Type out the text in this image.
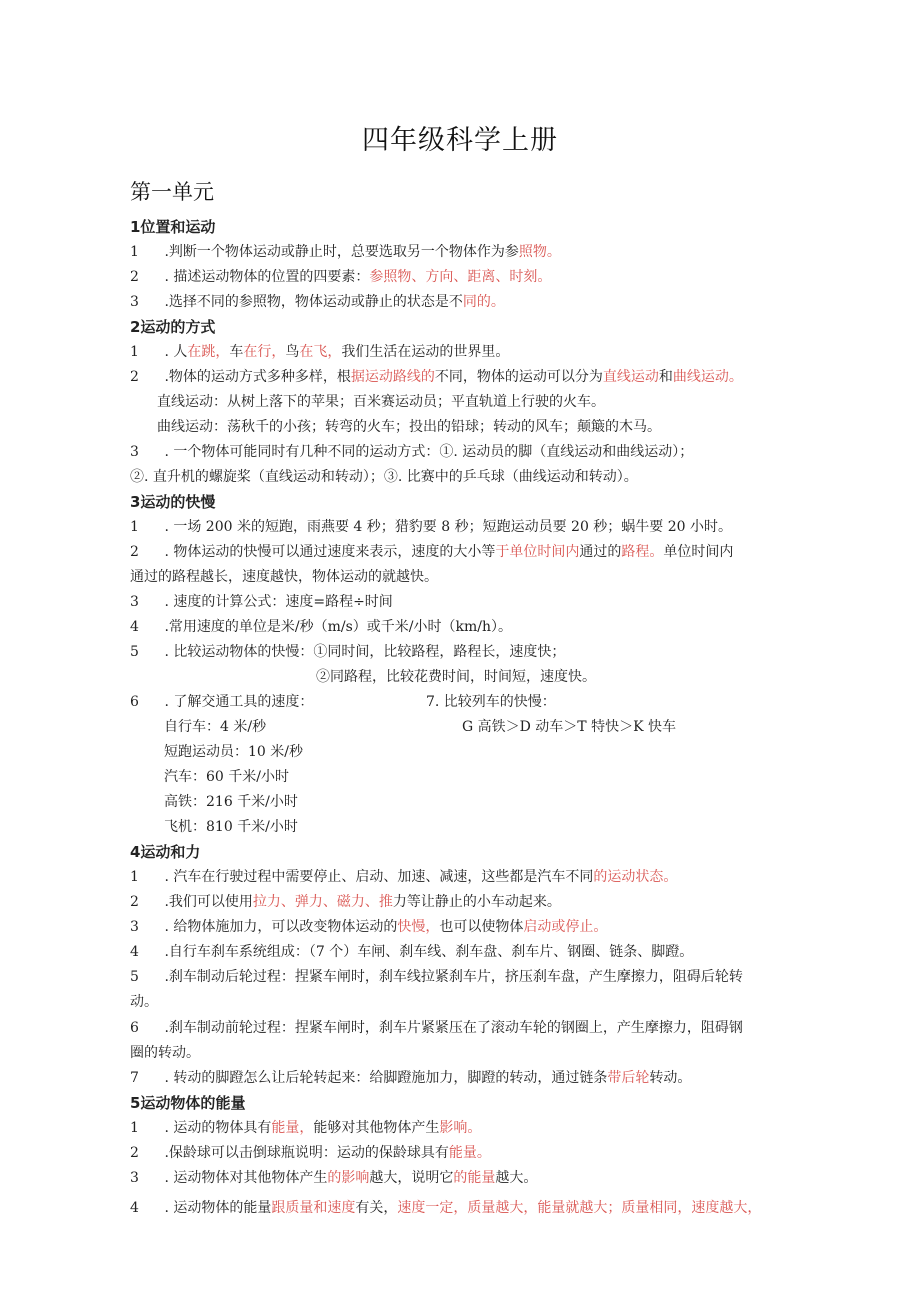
四年级科学上册
第一单元
1位置和运动
1 .判断一个物体运动或静止时，总要选取另一个物体作为参照物。
2 . 描述运动物体的位置的四要素：参照物、方向、距离、时刻。
3 .选择不同的参照物，物体运动或静止的状态是不同的。
2运动的方式
1 . 人在跳，车在行，鸟在飞，我们生活在运动的世界里。
2 .物体的运动方式多种多样，根据运动路线的不同，物体的运动可以分为直线运动和曲线运动。
直线运动：从树上落下的苹果；百米赛运动员；平直轨道上行驶的火车。
曲线运动：荡秋千的小孩；转弯的火车；投出的铅球；转动的风车；颠簸的木马。
3 . 一个物体可能同时有几种不同的运动方式：①. 运动员的脚（直线运动和曲线运动）；
②. 直升机的螺旋桨（直线运动和转动）；③. 比赛中的乒乓球（曲线运动和转动）。
3运动的快慢
1 . 一场 200 米的短跑，雨燕要 4 秒；猎豹要 8 秒；短跑运动员要 20 秒；蜗牛要 20 小时。
2 . 物体运动的快慢可以通过速度来表示，速度的大小等于单位时间内通过的路程。单位时间内
通过的路程越长，速度越快，物体运动的就越快。
3 . 速度的计算公式：速度=路程÷时间
4 .常用速度的单位是米/秒（m/s）或千米/小时（km/h）。
5 . 比较运动物体的快慢：①同时间，比较路程，路程长，速度快；
②同路程，比较花费时间，时间短，速度快。
6 . 了解交通工具的速度：	7. 比较列车的快慢：
自行车：4 米/秒	G 高铁＞D 动车＞T 特快＞K 快车
短跑运动员：10 米/秒
汽车：60 千米/小时
高铁：216 千米/小时
飞机：810 千米/小时
4运动和力
1 . 汽车在行驶过程中需要停止、启动、加速、减速，这些都是汽车不同的运动状态。
2 .我们可以使用拉力、弹力、磁力、推力等让静止的小车动起来。
3 . 给物体施加力，可以改变物体运动的快慢，也可以使物体启动或停止。
4 .自行车刹车系统组成：（7 个）车闸、刹车线、刹车盘、刹车片、钢圈、链条、脚蹬。
5 .刹车制动后轮过程：捏紧车闸时，刹车线拉紧刹车片，挤压刹车盘，产生摩擦力，阻碍后轮转
动。
6 .刹车制动前轮过程：捏紧车闸时，刹车片紧紧压在了滚动车轮的钢圈上，产生摩擦力，阻碍钢
圈的转动。
7 . 转动的脚蹬怎么让后轮转起来：给脚蹬施加力，脚蹬的转动，通过链条带后轮转动。
5运动物体的能量
1 . 运动的物体具有能量，能够对其他物体产生影响。
2 .保龄球可以击倒球瓶说明：运动的保龄球具有能量。
3 . 运动物体对其他物体产生的影响越大，说明它的能量越大。
4 . 运动物体的能量跟质量和速度有关，速度一定，质量越大，能量就越大；质量相同，速度越大，
